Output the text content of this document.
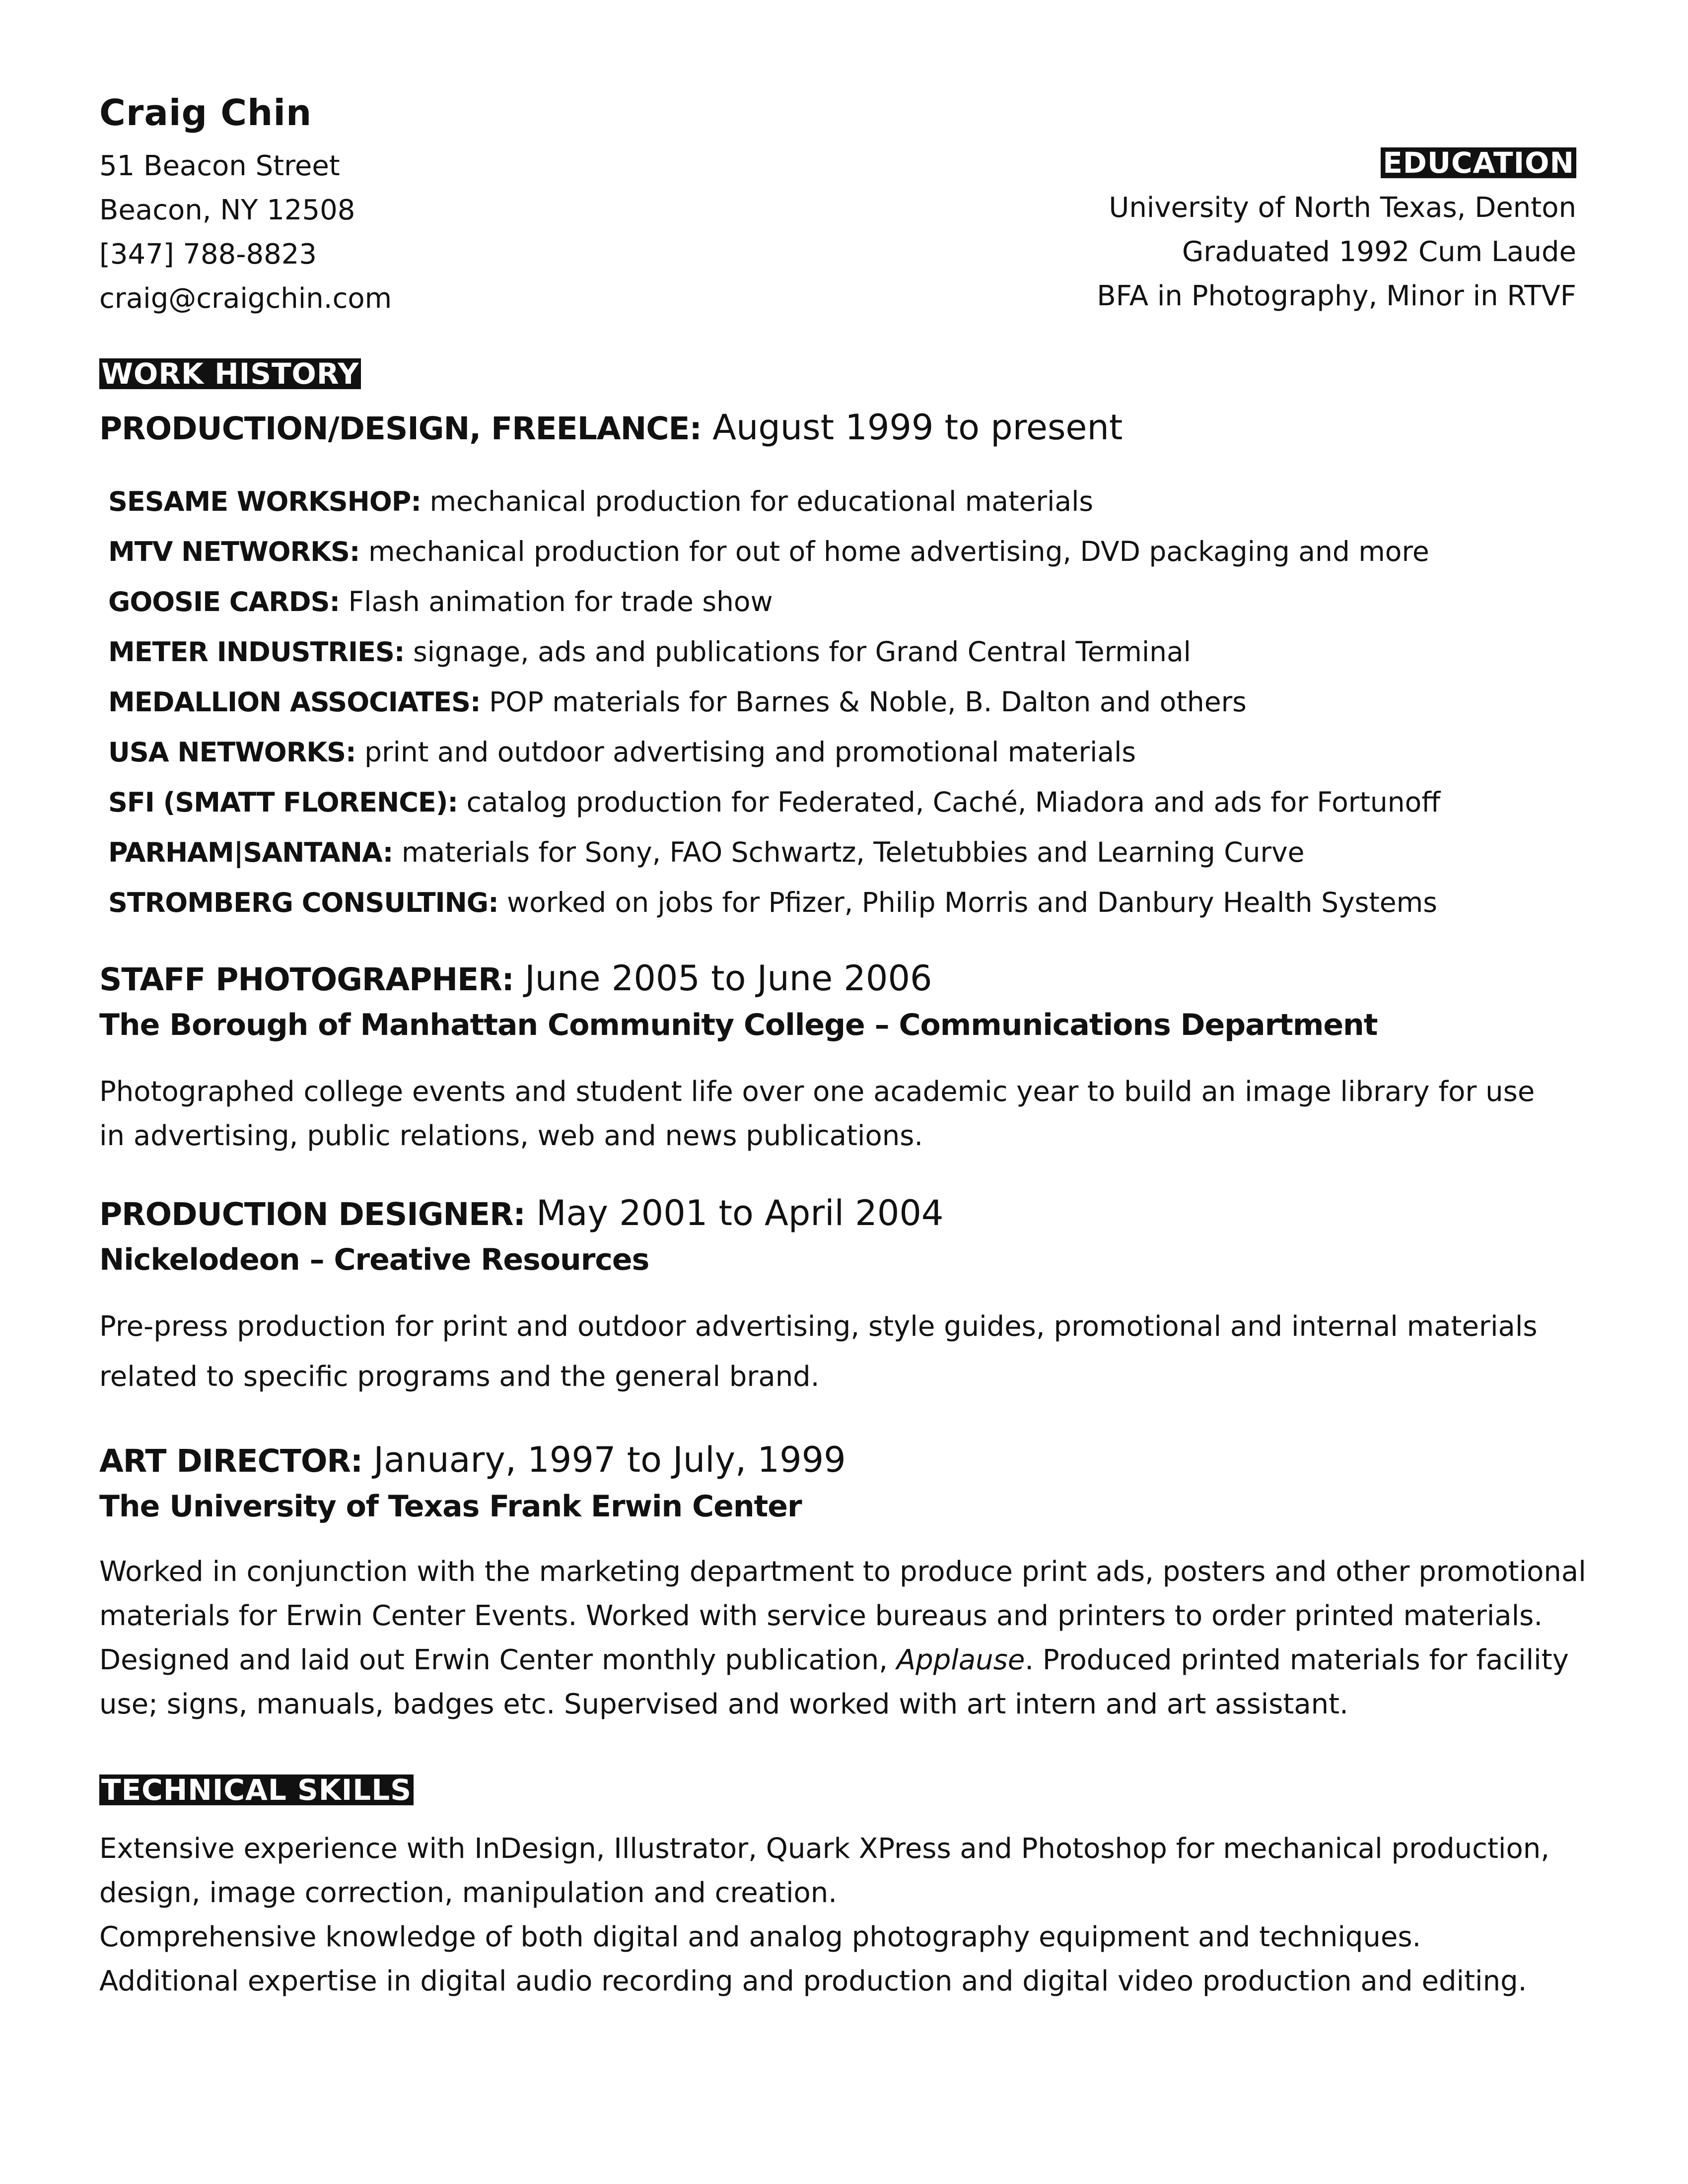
Craig Chin
51 Beacon Street
Beacon, NY 12508
[347] 788-8823
craig@craigchin.com
EDUCATION
University of North Texas, Denton
Graduated 1992 Cum Laude
BFA in Photography, Minor in RTVF
WORK HISTORY
PRODUCTION/DESIGN, FREELANCE: August 1999 to present
SESAME WORKSHOP: mechanical production for educational materials
MTV NETWORKS: mechanical production for out of home advertising, DVD packaging and more
GOOSIE CARDS: Flash animation for trade show
METER INDUSTRIES: signage, ads and publications for Grand Central Terminal
MEDALLION ASSOCIATES: POP materials for Barnes & Noble, B. Dalton and others
USA NETWORKS: print and outdoor advertising and promotional materials
SFI (SMATT FLORENCE): catalog production for Federated, Caché, Miadora and ads for Fortunoff
PARHAM|SANTANA: materials for Sony, FAO Schwartz, Teletubbies and Learning Curve
STROMBERG CONSULTING: worked on jobs for Pfizer, Philip Morris and Danbury Health Systems
STAFF PHOTOGRAPHER: June 2005 to June 2006
The Borough of Manhattan Community College – Communications Department
Photographed college events and student life over one academic year to build an image library for use
in advertising, public relations, web and news publications.
PRODUCTION DESIGNER: May 2001 to April 2004
Nickelodeon – Creative Resources
Pre-press production for print and outdoor advertising, style guides, promotional and internal materials
related to specific programs and the general brand.
ART DIRECTOR: January, 1997 to July, 1999
The University of Texas Frank Erwin Center
Worked in conjunction with the marketing department to produce print ads, posters and other promotional
materials for Erwin Center Events. Worked with service bureaus and printers to order printed materials.
Designed and laid out Erwin Center monthly publication, Applause. Produced printed materials for facility
use; signs, manuals, badges etc. Supervised and worked with art intern and art assistant.
TECHNICAL SKILLS
Extensive experience with InDesign, Illustrator, Quark XPress and Photoshop for mechanical production,
design, image correction, manipulation and creation.
Comprehensive knowledge of both digital and analog photography equipment and techniques.
Additional expertise in digital audio recording and production and digital video production and editing.
